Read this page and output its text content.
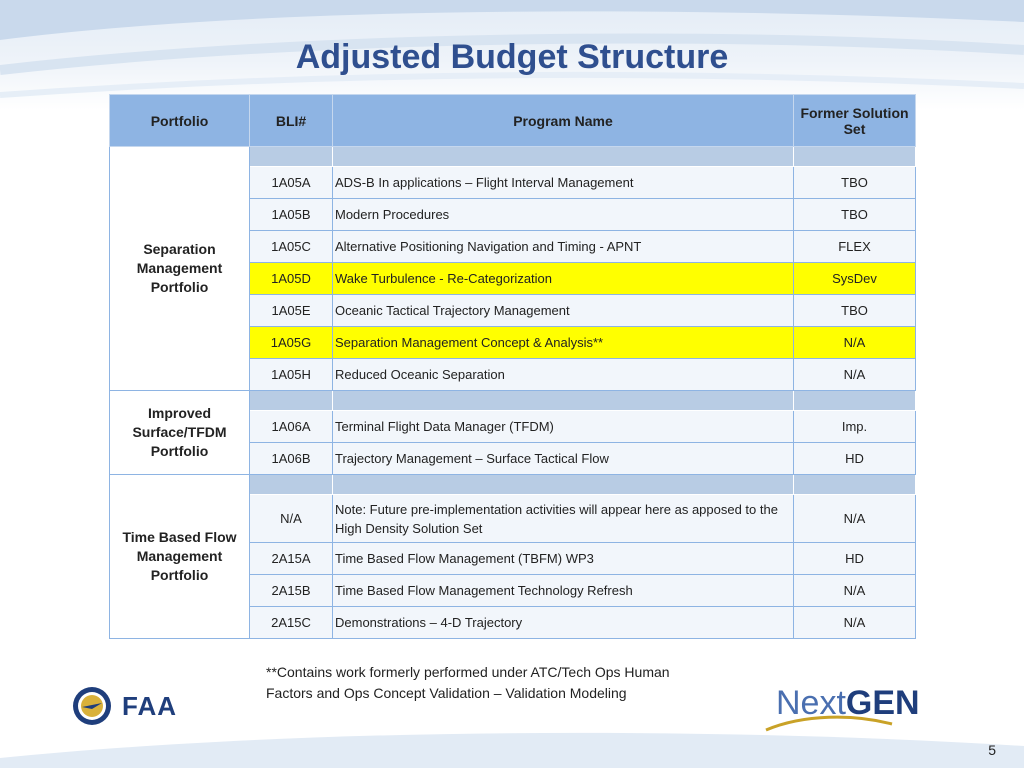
Adjusted Budget Structure
Portfolio	BLI#	Program Name	Former Solution Set
Separation Management Portfolio			
	1A05A	ADS-B In applications – Flight Interval Management	TBO
	1A05B	Modern Procedures	TBO
	1A05C	Alternative Positioning Navigation and Timing - APNT	FLEX
	1A05D	Wake Turbulence - Re-Categorization	SysDev
	1A05E	Oceanic Tactical Trajectory Management	TBO
	1A05G	Separation Management Concept & Analysis**	N/A
	1A05H	Reduced Oceanic Separation	N/A
Improved Surface/TFDM Portfolio			
	1A06A	Terminal Flight Data Manager (TFDM)	Imp.
	1A06B	Trajectory Management – Surface Tactical Flow	HD
Time Based Flow Management Portfolio			
	N/A	Note: Future pre-implementation activities will appear here as apposed to the High Density Solution Set	N/A
	2A15A	Time Based Flow Management (TBFM) WP3	HD
	2A15B	Time Based Flow Management Technology Refresh	N/A
	2A15C	Demonstrations – 4-D Trajectory	N/A
**Contains work formerly performed under ATC/Tech Ops Human
Factors and Ops Concept Validation – Validation Modeling
FAA	NextGEN
5
